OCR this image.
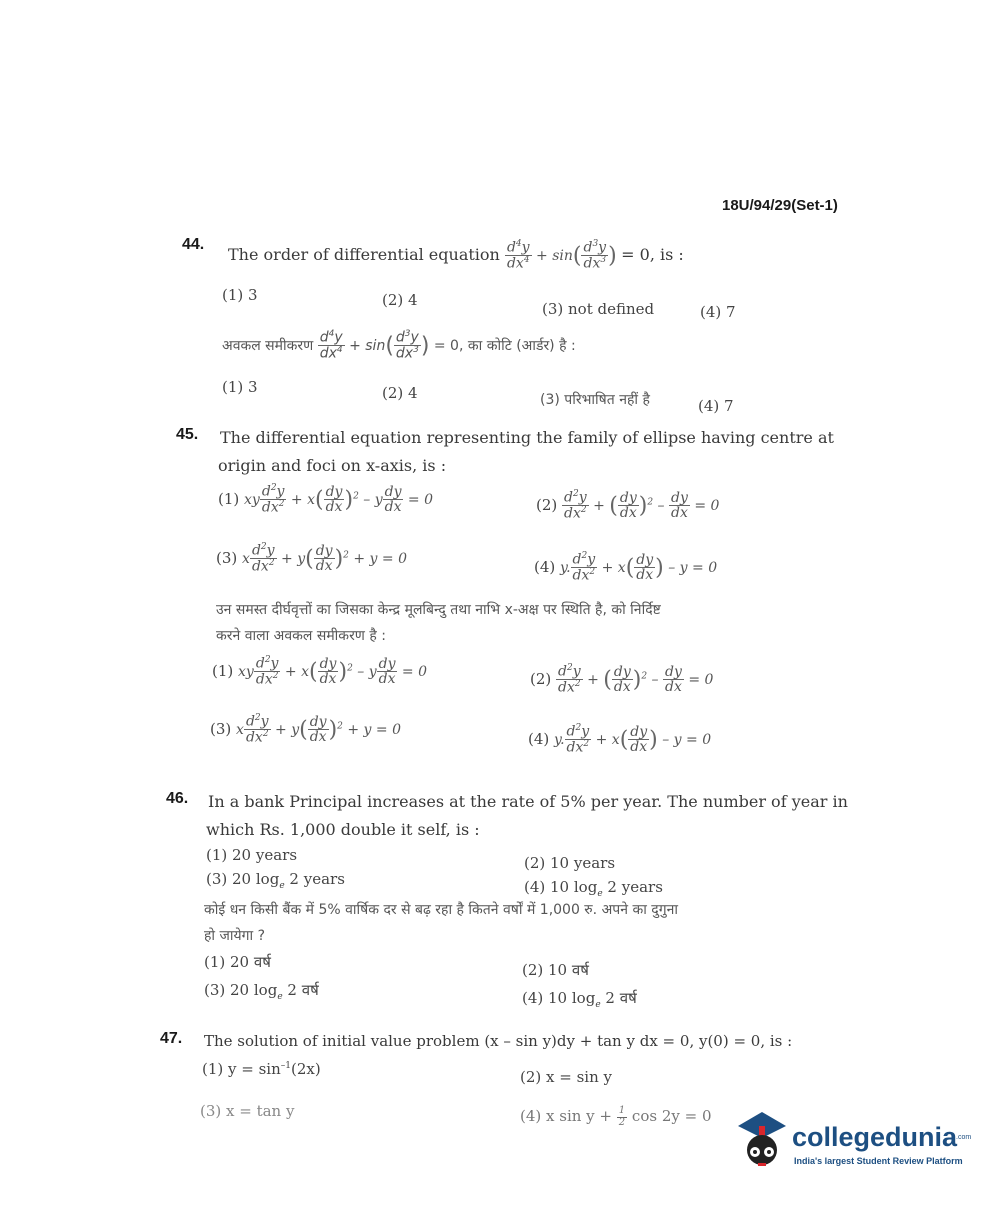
18U/94/29(Set-1)
44.
The order of differential equation $\frac{d^4y}{dx^4} + \sin( \frac{d^3y}{dx^3}$ ) = 0, is :
(1) 3	(2) 4	(3) not defined	(4) 7
अवकल समीकरण $\frac{d^4y}{dx^4} + \sin( \frac{d^3y}{dx^3}$ ) = 0, का कोटि (आर्डर) है :
(1) 3	(2) 4	(3) परिभाषित नहीं है	(4) 7
45. The differential equation representing the family of ellipse having centre at
origin and foci on x-axis, is :
(1) xy $\frac{d^2y}{dx^2} + x( \frac{dy}{dx} )^2 - y \frac{dy}{dx} = 0$	$(2) \frac{d^2y}{dx^2}$ + ( $\frac{dy}{dx} )^2 - \frac{dy}{dx} = 0$
(3) x $\frac{d^2y}{dx^2} + y( \frac{dy}{dx} )^2 + y = 0$	(4) y. $\frac{d^2y}{dx^2} + x( \frac{dy}{dx}$ ) – y = 0
उन समस्त दीर्घवृत्तों का जिसका केन्द्र मूलबिन्दु तथा नाभि x-अक्ष पर स्थिति है, को निर्दिष्ट
करने वाला अवकल समीकरण है :
(1) xy $\frac{d^2y}{dx^2} + x( \frac{dy}{dx} )^2 - y \frac{dy}{dx} = 0$	$(2) \frac{d^2y}{dx^2}$ + ( $\frac{dy}{dx} )^2 - \frac{dy}{dx} = 0$
(3) x $\frac{d^2y}{dx^2} + y( \frac{dy}{dx} )^2 + y = 0$	(4) y. $\frac{d^2y}{dx^2} + x( \frac{dy}{dx}$ ) – y = 0
46. In a bank Principal increases at the rate of 5% per year. The number of year in
which Rs. 1,000 double it self, is :
(1) 20 years	(2) 10 years
(3) 20 $\log_e 2$ years	(4) 10 $\log_e 2$ years
कोई धन किसी बैंक में 5% वार्षिक दर से बढ़ रहा है कितने वर्षों में 1,000 रु. अपने का दुगुना
हो जायेगा ?
(1) 20 वर्ष	(2) 10 वर्ष
(3) 20 $\log_e 2$ वर्ष	(4) 10 $\log_e 2$ वर्ष
47. The solution of initial value problem (x – sin y)dy + tan y dx = 0, y(0) = 0, is :
(1) $y = \sin^{-1}(2x)$	(2) x = sin y
(3) x = tan y	(4) x $\sin y + \frac{1}{2}$ cos 2y = 0
collegedunia
.com
India's largest Student Review Platform
